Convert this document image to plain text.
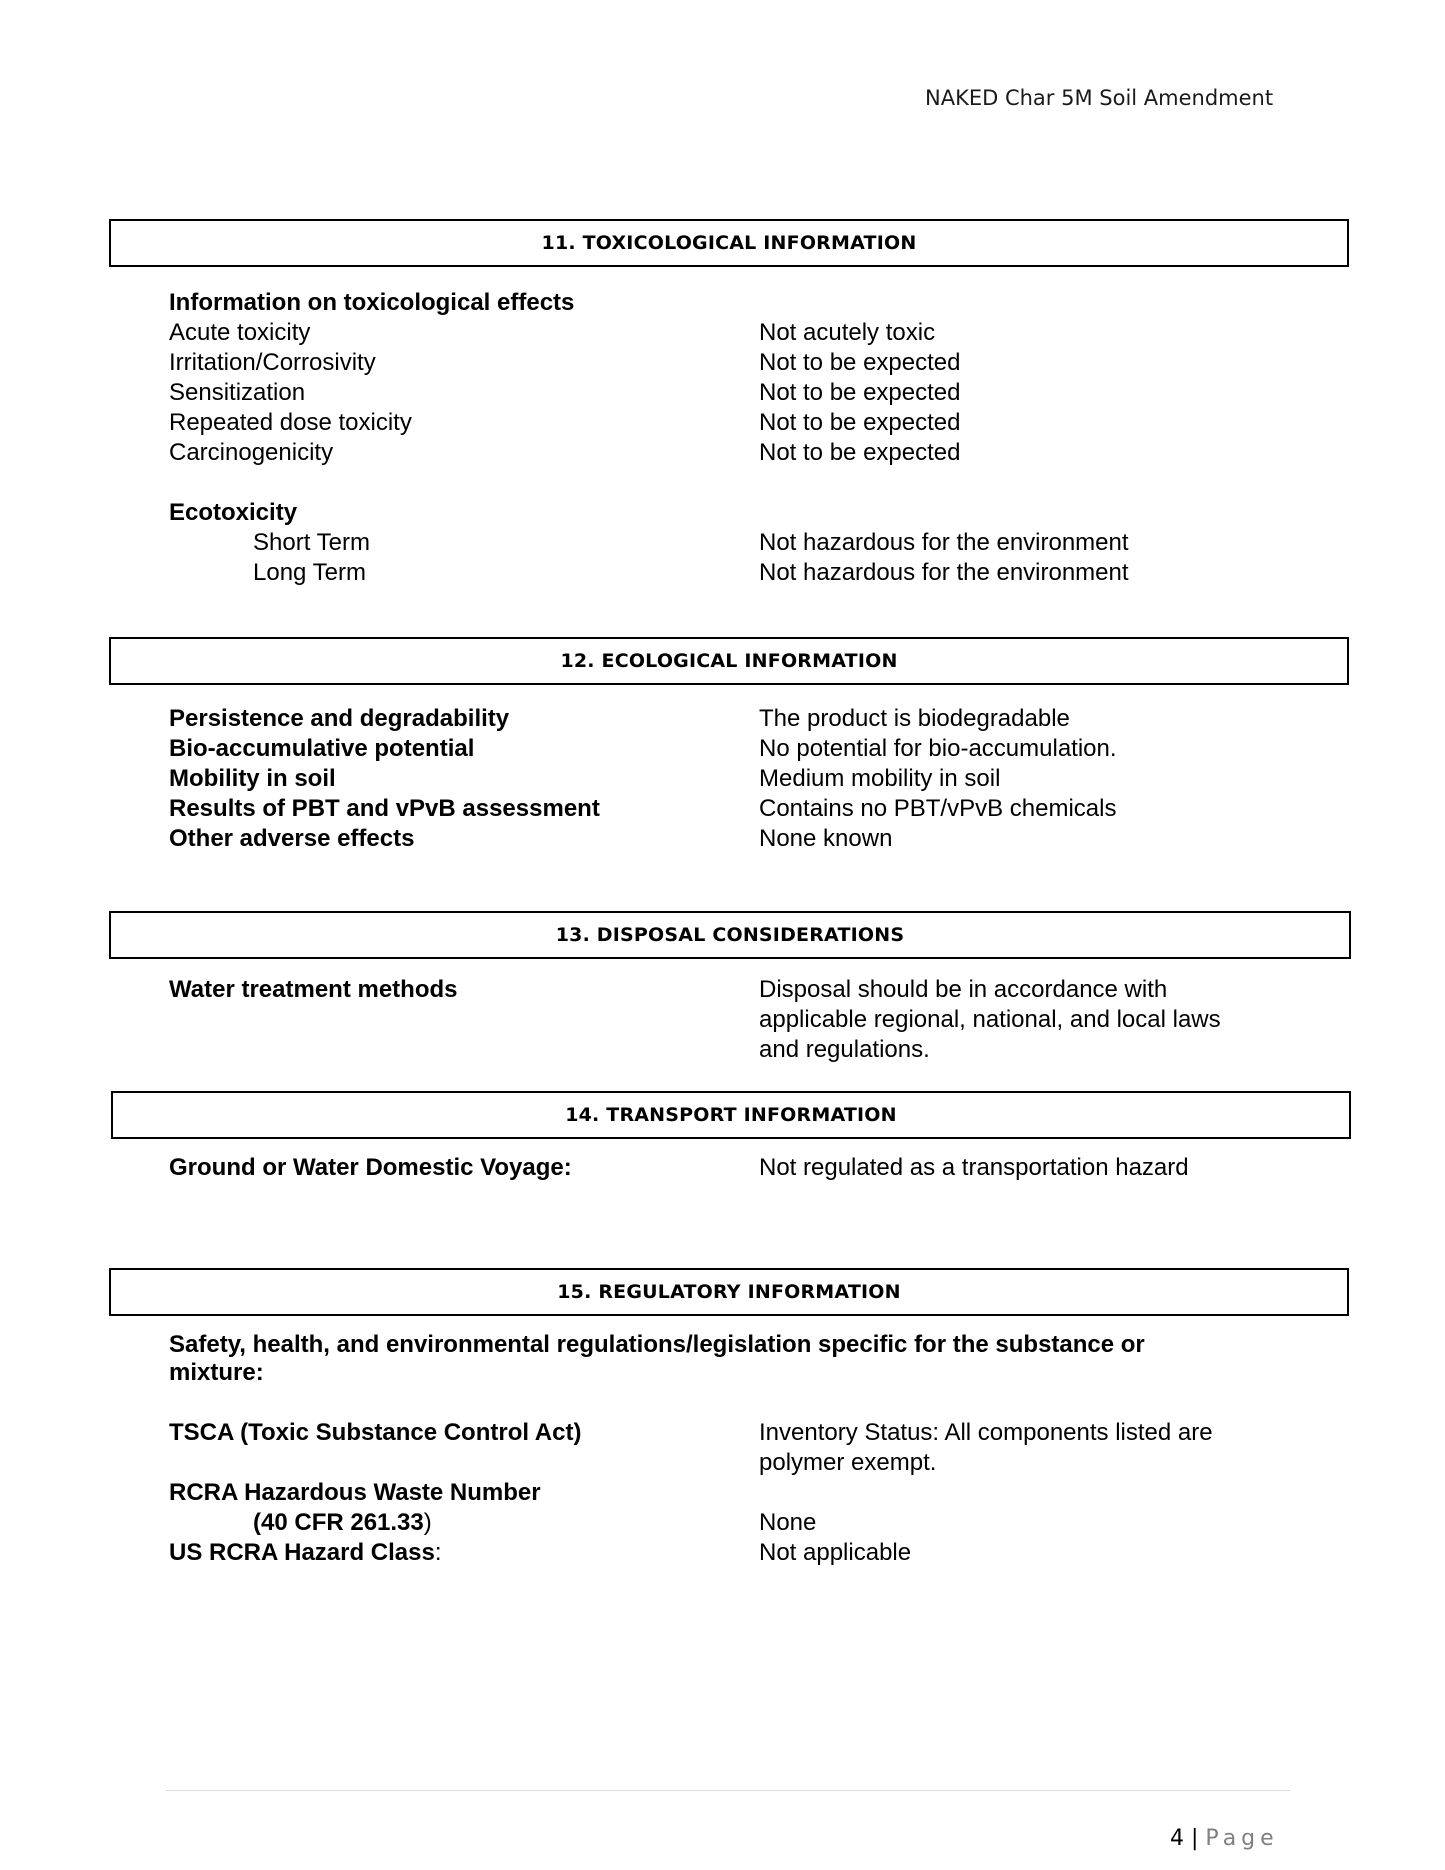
NAKED Char 5M Soil Amendment
11. TOXICOLOGICAL INFORMATION
Information on toxicological effects
Acute toxicity	Not acutely toxic
Irritation/Corrosivity	Not to be expected
Sensitization	Not to be expected
Repeated dose toxicity	Not to be expected
Carcinogenicity	Not to be expected
Ecotoxicity
Short Term	Not hazardous for the environment
Long Term	Not hazardous for the environment
12. ECOLOGICAL INFORMATION
Persistence and degradability	The product is biodegradable
Bio-accumulative potential	No potential for bio-accumulation.
Mobility in soil	Medium mobility in soil
Results of PBT and vPvB assessment	Contains no PBT/vPvB chemicals
Other adverse effects	None known
13. DISPOSAL CONSIDERATIONS
Water treatment methods	Disposal should be in accordance with
applicable regional, national, and local laws
and regulations.
14. TRANSPORT INFORMATION
Ground or Water Domestic Voyage:	Not regulated as a transportation hazard
15. REGULATORY INFORMATION
Safety, health, and environmental regulations/legislation specific for the substance or
mixture:
TSCA (Toxic Substance Control Act)	Inventory Status: All components listed are
polymer exempt.
RCRA Hazardous Waste Number
(40 CFR 261.33)	None
US RCRA Hazard Class:	Not applicable
4 | Page
